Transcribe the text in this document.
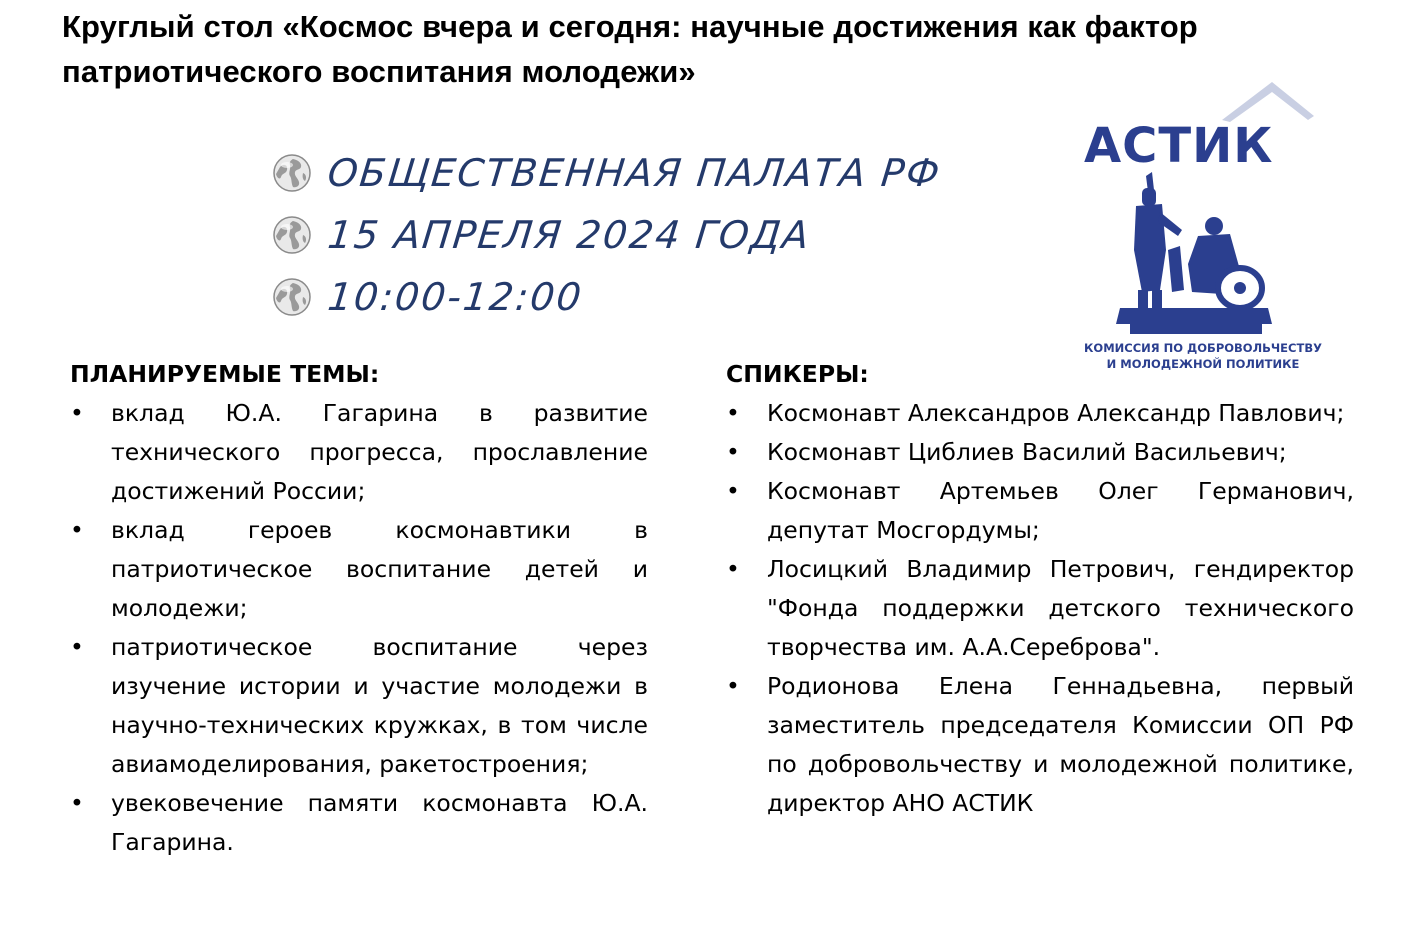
Круглый стол «Космос вчера и сегодня: научные достижения как фактор патриотического воспитания молодежи»
ОБЩЕСТВЕННАЯ ПАЛАТА РФ
15 АПРЕЛЯ 2024 ГОДА
10:00-12:00
АСТИК
КОМИССИЯ ПО ДОБРОВОЛЬЧЕСТВУ
И МОЛОДЕЖНОЙ ПОЛИТИКЕ
ПЛАНИРУЕМЫЕ ТЕМЫ:
• вклад Ю.А. Гагарина в развитие технического прогресса, прославление достижений России;
• вклад героев космонавтики в патриотическое воспитание детей и молодежи;
• патриотическое воспитание через изучение истории и участие молодежи в научно-технических кружках, в том числе авиамоделирования, ракетостроения;
• увековечение памяти космонавта Ю.А. Гагарина.
СПИКЕРЫ:
• Космонавт Александров Александр Павлович;
• Космонавт Циблиев Василий Васильевич;
• Космонавт Артемьев Олег Германович, депутат Мосгордумы;
• Лосицкий Владимир Петрович, гендиректор "Фонда поддержки детского технического творчества им. А.А.Сереброва".
• Родионова Елена Геннадьевна, первый заместитель председателя Комиссии ОП РФ по добровольчеству и молодежной политике, директор АНО АСТИК
